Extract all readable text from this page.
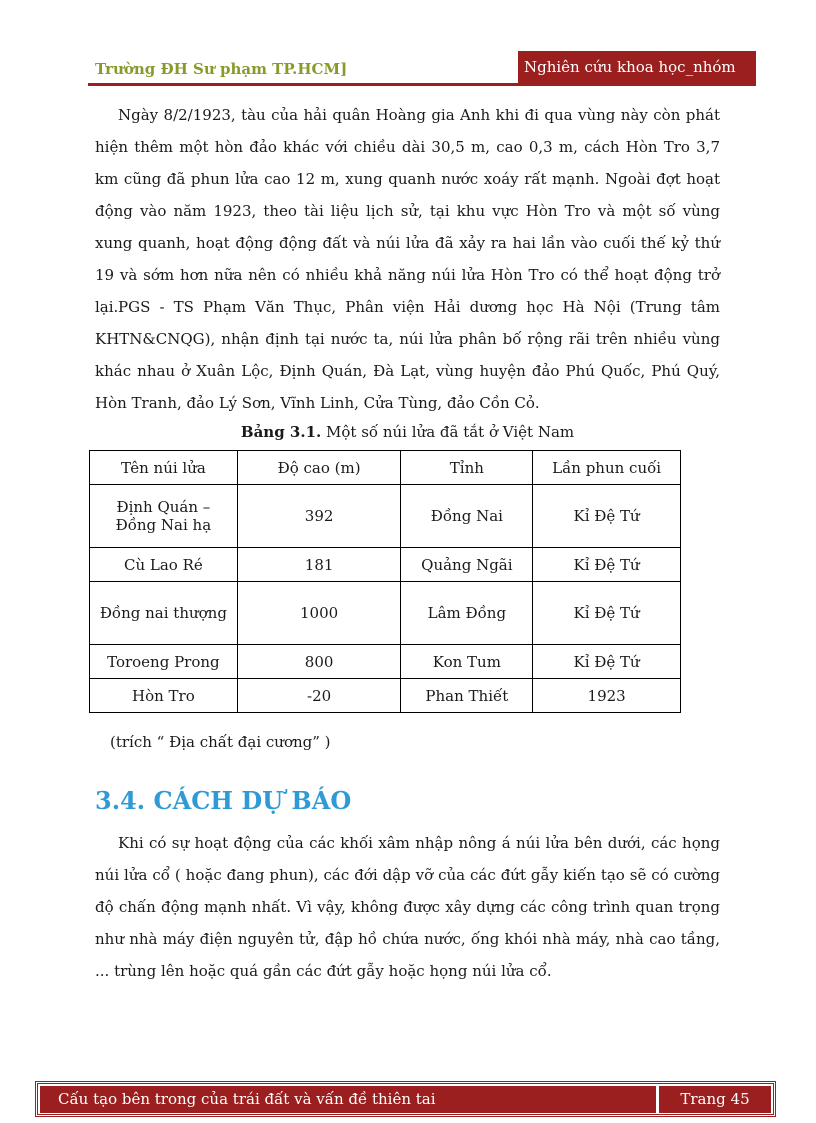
Trường ĐH Sư phạm TP.HCM]	Nghiên cứu khoa học_nhóm

Ngày 8/2/1923, tàu của hải quân Hoàng gia Anh khi đi qua vùng này còn phát hiện thêm một hòn đảo khác với chiều dài 30,5 m, cao 0,3 m, cách Hòn Tro 3,7 km cũng đã phun lửa cao 12 m, xung quanh nước xoáy rất mạnh. Ngoài đợt hoạt động vào năm 1923, theo tài liệu lịch sử, tại khu vực Hòn Tro và một số vùng xung quanh, hoạt động động đất và núi lửa đã xảy ra hai lần vào cuối thế kỷ thứ 19 và sớm hơn nữa nên có nhiều khả năng núi lửa Hòn Tro có thể hoạt động trở lại. PGS - TS Phạm Văn Thục, Phân viện Hải dương học Hà Nội (Trung tâm KHTN&CNQG), nhận định tại nước ta, núi lửa phân bố rộng rãi trên nhiều vùng khác nhau ở Xuân Lộc, Định Quán, Đà Lạt, vùng huyện đảo Phú Quốc, Phú Quý, Hòn Tranh, đảo Lý Sơn, Vĩnh Linh, Cửa Tùng, đảo Cồn Cỏ.

Bảng 3.1. Một số núi lửa đã tắt ở Việt Nam
Tên núi lửa	Độ cao (m)	Tỉnh	Lần phun cuối
Định Quán – Đồng Nai hạ	392	Đồng Nai	Kỉ Đệ Tứ
Cù Lao Ré	181	Quảng Ngãi	Kỉ Đệ Tứ
Đồng nai thượng	1000	Lâm Đồng	Kỉ Đệ Tứ
Toroeng Prong	800	Kon Tum	Kỉ Đệ Tứ
Hòn Tro	-20	Phan Thiết	1923
(trích “ Địa chất đại cương” )
3.4. CÁCH DỰ BÁO

Khi có sự hoạt động của các khối xâm nhập nông á núi lửa bên dưới, các họng núi lửa cổ ( hoặc đang phun), các đới dập vỡ của các đứt gẫy kiến tạo sẽ có cường độ chấn động mạnh nhất. Vì vậy, không được xây dựng các công trình quan trọng như nhà máy điện nguyên tử, đập hồ chứa nước, ống khói nhà máy, nhà cao tầng, ... trùng lên hoặc quá gần các đứt gẫy hoặc họng núi lửa cổ.

Cấu tạo bên trong của trái đất và vấn đề thiên tai	Trang 45
